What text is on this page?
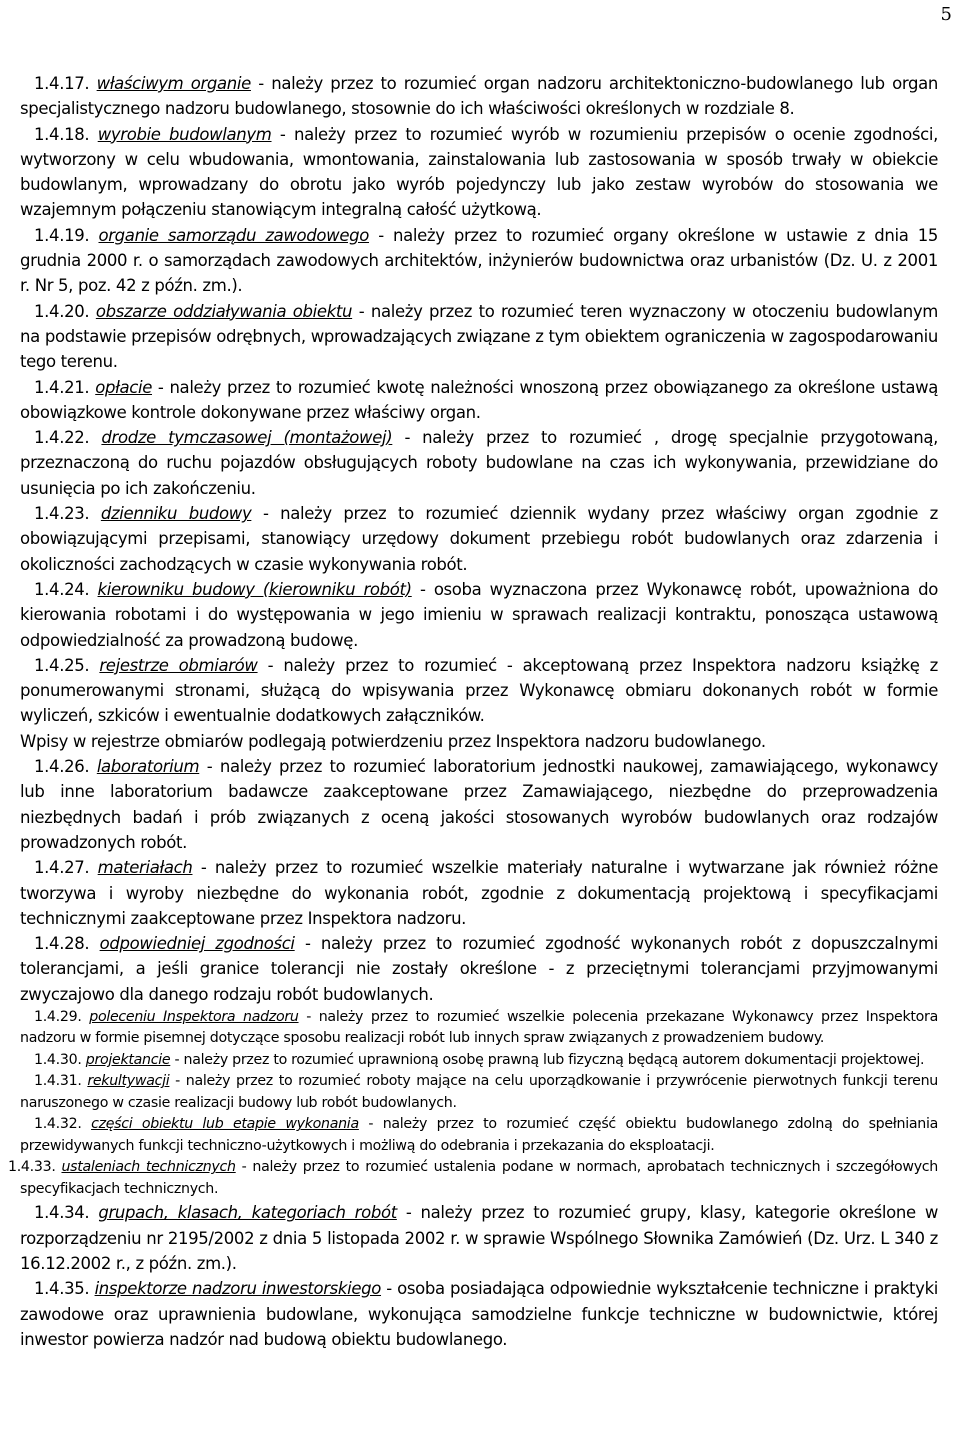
5

1.4.17. właściwym organie - należy przez to rozumieć organ nadzoru architektoniczno-budowlanego lub organ specjalistycznego nadzoru budowlanego, stosownie do ich właściwości określonych w rozdziale 8.

1.4.18. wyrobie budowlanym - należy przez to rozumieć wyrób w rozumieniu przepisów o ocenie zgodności, wytworzony w celu wbudowania, wmontowania, zainstalowania lub zastosowania w sposób trwały w obiekcie budowlanym, wprowadzany do obrotu jako wyrób pojedynczy lub jako zestaw wyrobów do stosowania we wzajemnym połączeniu stanowiącym integralną całość użytkową.

1.4.19. organie samorządu zawodowego - należy przez to rozumieć organy określone w ustawie z dnia 15 grudnia 2000 r. o samorządach zawodowych architektów, inżynierów budownictwa oraz urbanistów (Dz. U. z 2001 r. Nr 5, poz. 42 z późn. zm.).

1.4.20. obszarze oddziaływania obiektu - należy przez to rozumieć teren wyznaczony w otoczeniu budowlanym na podstawie przepisów odrębnych, wprowadzających związane z tym obiektem ograniczenia w zagospodarowaniu tego terenu.

1.4.21. opłacie - należy przez to rozumieć kwotę należności wnoszoną przez obowiązanego za określone ustawą obowiązkowe kontrole dokonywane przez właściwy organ.

1.4.22. drodze tymczasowej (montażowej) - należy przez to rozumieć , drogę specjalnie przygotowaną, przeznaczoną do ruchu pojazdów obsługujących roboty budowlane na czas ich wykonywania, przewidziane do usunięcia po ich zakończeniu.

1.4.23. dzienniku budowy - należy przez to rozumieć dziennik wydany przez właściwy organ zgodnie z obowiązującymi przepisami, stanowiący urzędowy dokument przebiegu robót budowlanych oraz zdarzenia i okoliczności zachodzących w czasie wykonywania robót.

1.4.24. kierowniku budowy (kierowniku robót) - osoba wyznaczona przez Wykonawcę robót, upoważniona do kierowania robotami i do występowania w jego imieniu w sprawach realizacji kontraktu, ponosząca ustawową odpowiedzialność za prowadzoną budowę.

1.4.25. rejestrze obmiarów - należy przez to rozumieć - akceptowaną przez Inspektora nadzoru książkę z ponumerowanymi stronami, służącą do wpisywania przez Wykonawcę obmiaru dokonanych robót w formie wyliczeń, szkiców i ewentualnie dodatkowych załączników.

Wpisy w rejestrze obmiarów podlegają potwierdzeniu przez Inspektora nadzoru budowlanego.

1.4.26. laboratorium - należy przez to rozumieć laboratorium jednostki naukowej, zamawiającego, wykonawcy lub inne laboratorium badawcze zaakceptowane przez Zamawiającego, niezbędne do przeprowadzenia niezbędnych badań i prób związanych z oceną jakości stosowanych wyrobów budowlanych oraz rodzajów prowadzonych robót.

1.4.27. materiałach - należy przez to rozumieć wszelkie materiały naturalne i wytwarzane jak również różne tworzywa i wyroby niezbędne do wykonania robót, zgodnie z dokumentacją projektową i specyfikacjami technicznymi zaakceptowane przez Inspektora nadzoru.

1.4.28. odpowiedniej zgodności - należy przez to rozumieć zgodność wykonanych robót z dopuszczalnymi tolerancjami, a jeśli granice tolerancji nie zostały określone - z przeciętnymi tolerancjami przyjmowanymi zwyczajowo dla danego rodzaju robót budowlanych.

1.4.29. poleceniu Inspektora nadzoru - należy przez to rozumieć wszelkie polecenia przekazane Wykonawcy przez Inspektora nadzoru w formie pisemnej dotyczące sposobu realizacji robót lub innych spraw związanych z prowadzeniem budowy.

1.4.30. projektancie - należy przez to rozumieć uprawnioną osobę prawną lub fizyczną będącą autorem dokumentacji projektowej.

1.4.31. rekultywacji - należy przez to rozumieć roboty mające na celu uporządkowanie i przywrócenie pierwotnych funkcji terenu naruszonego w czasie realizacji budowy lub robót budowlanych.

1.4.32. części obiektu lub etapie wykonania - należy przez to rozumieć część obiektu budowlanego zdolną do spełniania przewidywanych funkcji techniczno-użytkowych i możliwą do odebrania i przekazania do eksploatacji.

1.4.33. ustaleniach technicznych - należy przez to rozumieć ustalenia podane w normach, aprobatach technicznych i szczegółowych specyfikacjach technicznych.

1.4.34. grupach, klasach, kategoriach robót - należy przez to rozumieć grupy, klasy, kategorie określone w rozporządzeniu nr 2195/2002 z dnia 5 listopada 2002 r. w sprawie Wspólnego Słownika Zamówień (Dz. Urz. L 340 z 16.12.2002 r., z późn. zm.).

1.4.35. inspektorze nadzoru inwestorskiego - osoba posiadająca odpowiednie wykształcenie techniczne i praktyki zawodowe oraz uprawnienia budowlane, wykonująca samodzielne funkcje techniczne w budownictwie, której inwestor powierza nadzór nad budową obiektu budowlanego.
